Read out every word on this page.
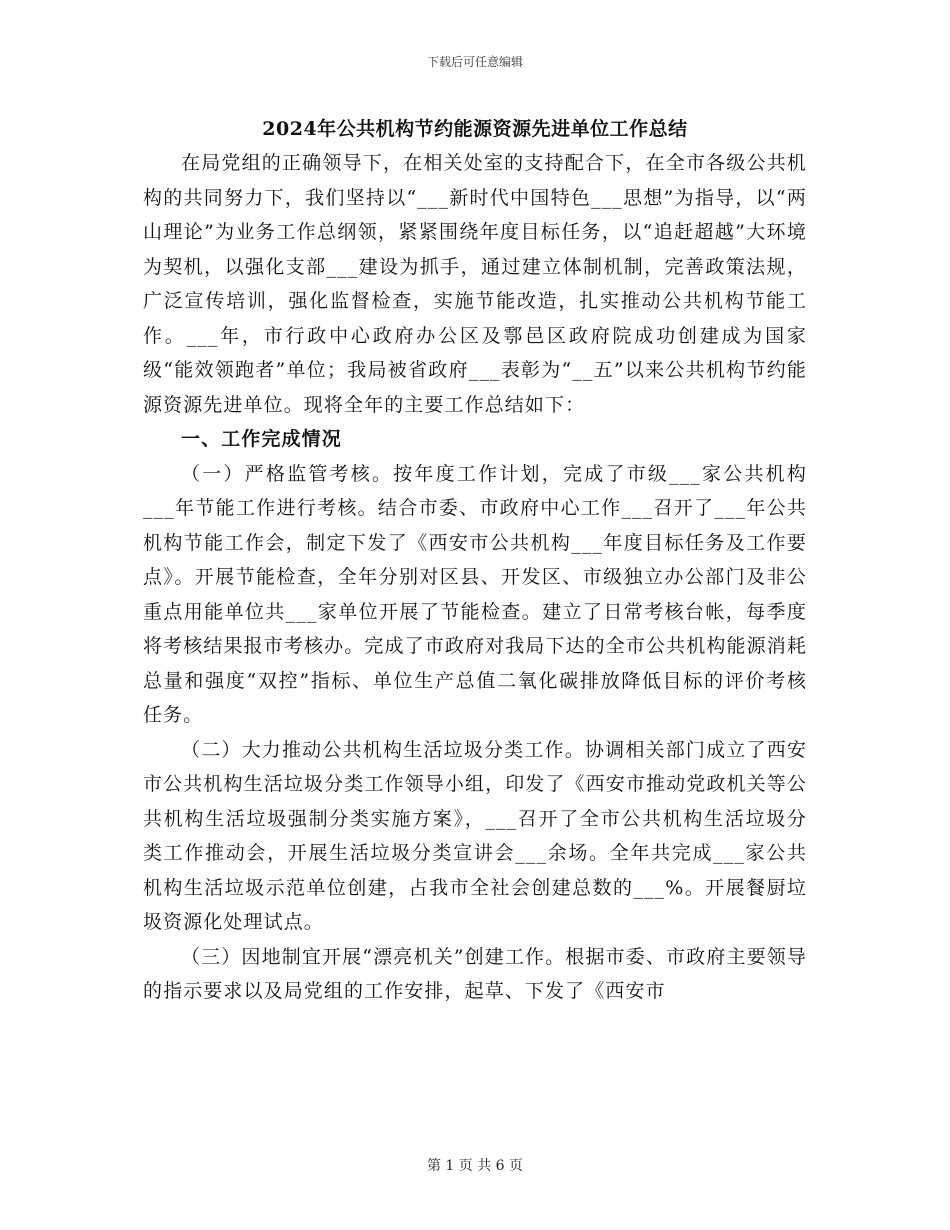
下载后可任意编辑
2024年公共机构节约能源资源先进单位工作总结

在局党组的正确领导下，在相关处室的支持配合下，在全市各级公共机构的共同努力下，我们坚持以“___新时代中国特色___思想”为指导，以“两山理论”为业务工作总纲领，紧紧围绕年度目标任务，以“追赶超越”大环境为契机，以强化支部___建设为抓手，通过建立体制机制，完善政策法规，广泛宣传培训，强化监督检查，实施节能改造，扎实推动公共机构节能工作。___年，市行政中心政府办公区及鄠邑区政府院成功创建成为国家级“能效领跑者”单位；我局被省政府___表彰为“__五”以来公共机构节约能源资源先进单位。现将全年的主要工作总结如下：

一、工作完成情况

（一）严格监管考核。按年度工作计划，完成了市级___家公共机构___年节能工作进行考核。结合市委、市政府中心工作___召开了___年公共机构节能工作会，制定下发了《西安市公共机构___年度目标任务及工作要点》。开展节能检查，全年分别对区县、开发区、市级独立办公部门及非公重点用能单位共___家单位开展了节能检查。建立了日常考核台帐，每季度将考核结果报市考核办。完成了市政府对我局下达的全市公共机构能源消耗总量和强度“双控”指标、单位生产总值二氧化碳排放降低目标的评价考核任务。

（二）大力推动公共机构生活垃圾分类工作。协调相关部门成立了西安市公共机构生活垃圾分类工作领导小组，印发了《西安市推动党政机关等公共机构生活垃圾强制分类实施方案》，___召开了全市公共机构生活垃圾分类工作推动会，开展生活垃圾分类宣讲会___余场。全年共完成___家公共机构生活垃圾示范单位创建，占我市全社会创建总数的___%。开展餐厨垃圾资源化处理试点。

（三）因地制宜开展“漂亮机关”创建工作。根据市委、市政府主要领导的指示要求以及局党组的工作安排，起草、下发了《西安市

第 1 页 共 6 页
